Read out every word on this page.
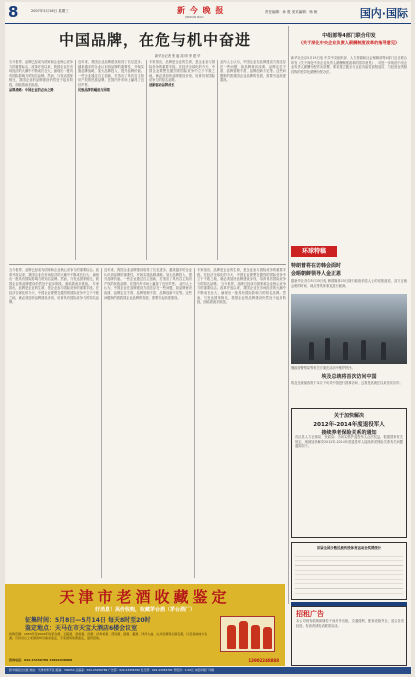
8	2007年5月16日 星期三	新 今 晚 报
JINWAN BAO
责任编辑：孙 胜 美术编辑：杨 帆	国内·国际
中国品牌，在危与机中奋进
新华社记者 张 毅 周 明 李 建 华
当今世界，品牌已经成为国家和企业核心竞争力的重要标志。改革开放以来，我国企业在市场经济的大潮中不断成长壮大，涌现出一批具有国际影响力的知名品牌。然而，与发达国家相比，我国企业的品牌建设仍然处于起步阶段，面临着诸多挑战。
品牌战略：中国企业的必由之路

近年来，我国企业品牌建设取得了长足进步。越来越多的企业认识到品牌的重要性，开始实施品牌战略，加大品牌投入，提升品牌价值。一些企业通过自主创新，打造出了具有自主知识产权的民族品牌，在国内外市场上赢得了良好声誉。
民族品牌的崛起与困境
专家指出，品牌是企业的生命，是企业参与国际竞争的重要手段。在经济全球化的今天，中国企业要想在激烈的国际竞争中立于不败之地，就必须加快品牌建设步伐，培育具有国际竞争力的知名品牌。
创新驱动品牌成长
业内人士认为，中国企业在品牌建设方面还存在一些问题，如品牌意识淡薄、品牌定位不准、品牌管理不善、品牌创新不足等。这些问题制约着我国企业品牌的发展，需要引起高度重视。
当今世界，品牌已经成为国家和企业核心竞争力的重要标志。改革开放以来，我国企业在市场经济的大潮中不断成长壮大，涌现出一批具有国际影响力的知名品牌。然而，与发达国家相比，我国企业的品牌建设仍然处于起步阶段，面临着诸多挑战。 专家指出，品牌是企业的生命，是企业参与国际竞争的重要手段。在经济全球化的今天，中国企业要想在激烈的国际竞争中立于不败之地，就必须加快品牌建设步伐，培育具有国际竞争力的知名品牌。
近年来，我国企业品牌建设取得了长足进步。越来越多的企业认识到品牌的重要性，开始实施品牌战略，加大品牌投入，提升品牌价值。一些企业通过自主创新，打造出了具有自主知识产权的民族品牌，在国内外市场上赢得了良好声誉。 业内人士认为，中国企业在品牌建设方面还存在一些问题，如品牌意识淡薄、品牌定位不准、品牌管理不善、品牌创新不足等。这些问题制约着我国企业品牌的发展，需要引起高度重视。
专家指出，品牌是企业的生命，是企业参与国际竞争的重要手段。在经济全球化的今天，中国企业要想在激烈的国际竞争中立于不败之地，就必须加快品牌建设步伐，培育具有国际竞争力的知名品牌。 当今世界，品牌已经成为国家和企业核心竞争力的重要标志。改革开放以来，我国企业在市场经济的大潮中不断成长壮大，涌现出一批具有国际影响力的知名品牌。然而，与发达国家相比，我国企业的品牌建设仍然处于起步阶段，面临着诸多挑战。
中组部等4部门联合印发
《关于深化中央企业负责人薪酬制度改革的指导意见》
新华社北京5月15日电 中共中央组织部、人力资源和社会保障部等4部门近日联合印发《关于深化中央企业负责人薪酬制度改革的指导意见》，对进一步规范中央企业负责人薪酬分配作出部署，要求建立健全与企业功能性质相适应、与经营业绩相挂钩的差异化薪酬分配办法。
环球特稿
特朗普将在访韩会面时
会晤朝鲜领导人金正恩
据新华社首尔5月15日电 韩国媒体15日援引政府消息人士的话报道说，双方正就会晤的时间、地点等具体事宜进行磋商。
俄政府警察局等有关方面在活动中维护秩序。
埃及总统将首次访问中国
埃及总统塞西将于本月下旬对中国进行国事访问，这将是其就任以来首次访华。
关于加快解决
2012年-2014年度退役军人
接续养老保险关系的通知
各区县人力社保局、民政局：为切实维护退役军人合法权益，根据国家有关规定，现就加快解决2012年-2014年度退役军人接续养老保险关系有关问题通知如下。
首届全国少数民族传统体育运动会奖牌统计
招租广告
本公司现有临街商铺若干间对外出租，交通便利，配套设施齐全，适合各类经营。有意者请电话联系洽谈。
天津市老酒收藏鉴定
好消息！高价收购，收藏茅台酒（茅台酒厂）
征集时间：5月8日—5月14日 每天8时至20时
鉴定地点：天马在市天宝大酒店6楼会议室
收购范围：1953年至2004年的茅台酒、五粮液、剑南春、汾酒、泸州老窖、西凤酒、郎酒、董酒、洋河大曲、古井贡酒等全国名酒，以及各地地方名酒。凡持有以上老酒者均可前来鉴定，专家现场免费鉴定，高价回收。
咨询电话：022-23456789 13902248888	13902248888
新今晚报社出版 地址：天津市和平区 邮编：300050 总编室：022-23456789 广告部：022-23456780 发行部：022-23456781 零售价：1.00元 本报印刷厂印刷
